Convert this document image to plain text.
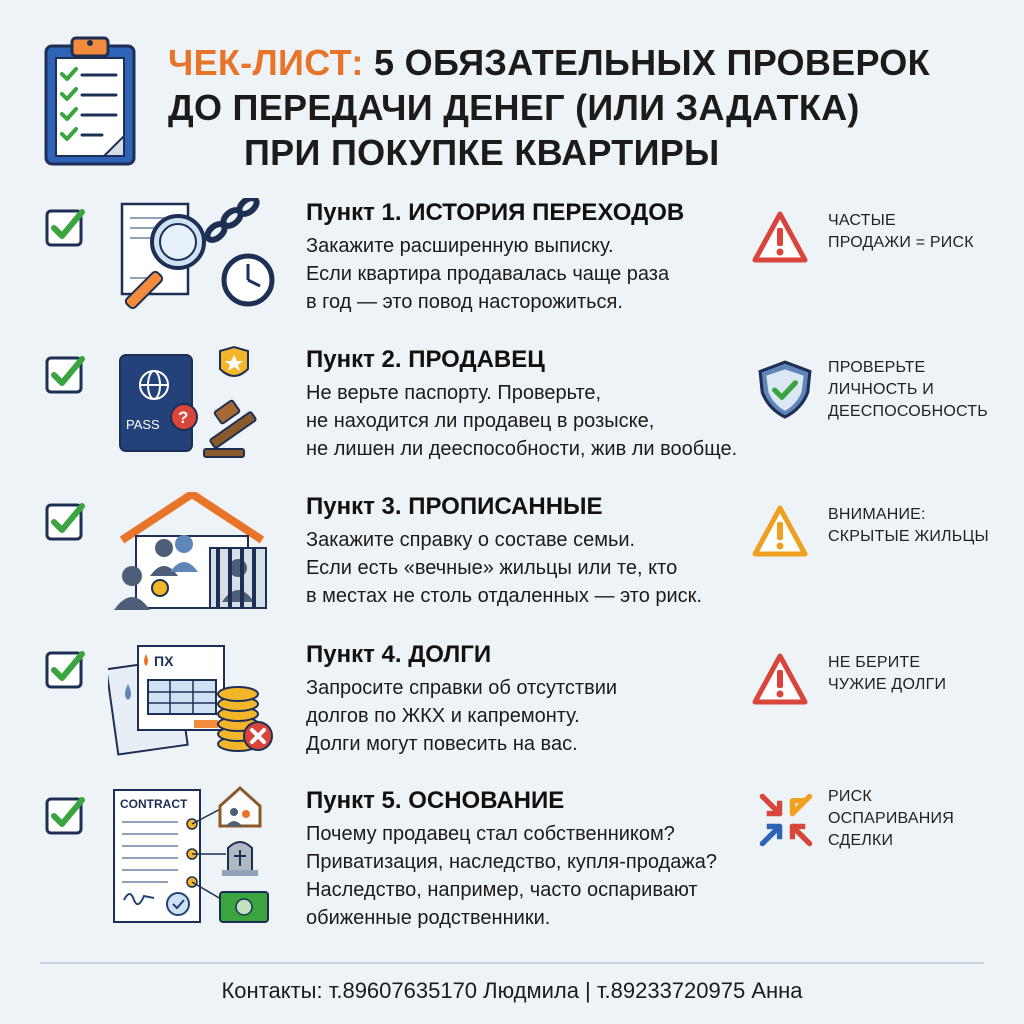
ЧЕК-ЛИСТ: 5 ОБЯЗАТЕЛЬНЫХ ПРОВЕРОК
ДО ПЕРЕДАЧИ ДЕНЕГ (ИЛИ ЗАДАТКА)
ПРИ ПОКУПКЕ КВАРТИРЫ
Пункт 1. ИСТОРИЯ ПЕРЕХОДОВ
Закажите расширенную выписку.
Если квартира продавалась чаще раза
в год — это повод насторожиться.
ЧАСТЫЕ
ПРОДАЖИ = РИСК
PASS ?
Пункт 2. ПРОДАВЕЦ
Не верьте паспорту. Проверьте,
не находится ли продавец в розыске,
не лишен ли дееспособности, жив ли вообще.
ПРОВЕРЬТЕ
ЛИЧНОСТЬ И
ДЕЕСПОСОБНОСТЬ
Пункт 3. ПРОПИСАННЫЕ
Закажите справку о составе семьи.
Если есть «вечные» жильцы или те, кто
в местах не столь отдаленных — это риск.
ВНИМАНИЕ:
СКРЫТЫЕ ЖИЛЬЦЫ
ПХ	Пункт 4. ДОЛГИ
Запросите справки об отсутствии
долгов по ЖКХ и капремонту.
Долги могут повесить на вас.
НЕ БЕРИТЕ
ЧУЖИЕ ДОЛГИ
CONTRACT	Пункт 5. ОСНОВАНИЕ
Почему продавец стал собственником?
Приватизация, наследство, купля-продажа?
Наследство, например, часто оспаривают
обиженные родственники.
РИСК
ОСПАРИВАНИЯ
СДЕЛКИ
Контакты: т.89607635170 Людмила | т.89233720975 Анна
